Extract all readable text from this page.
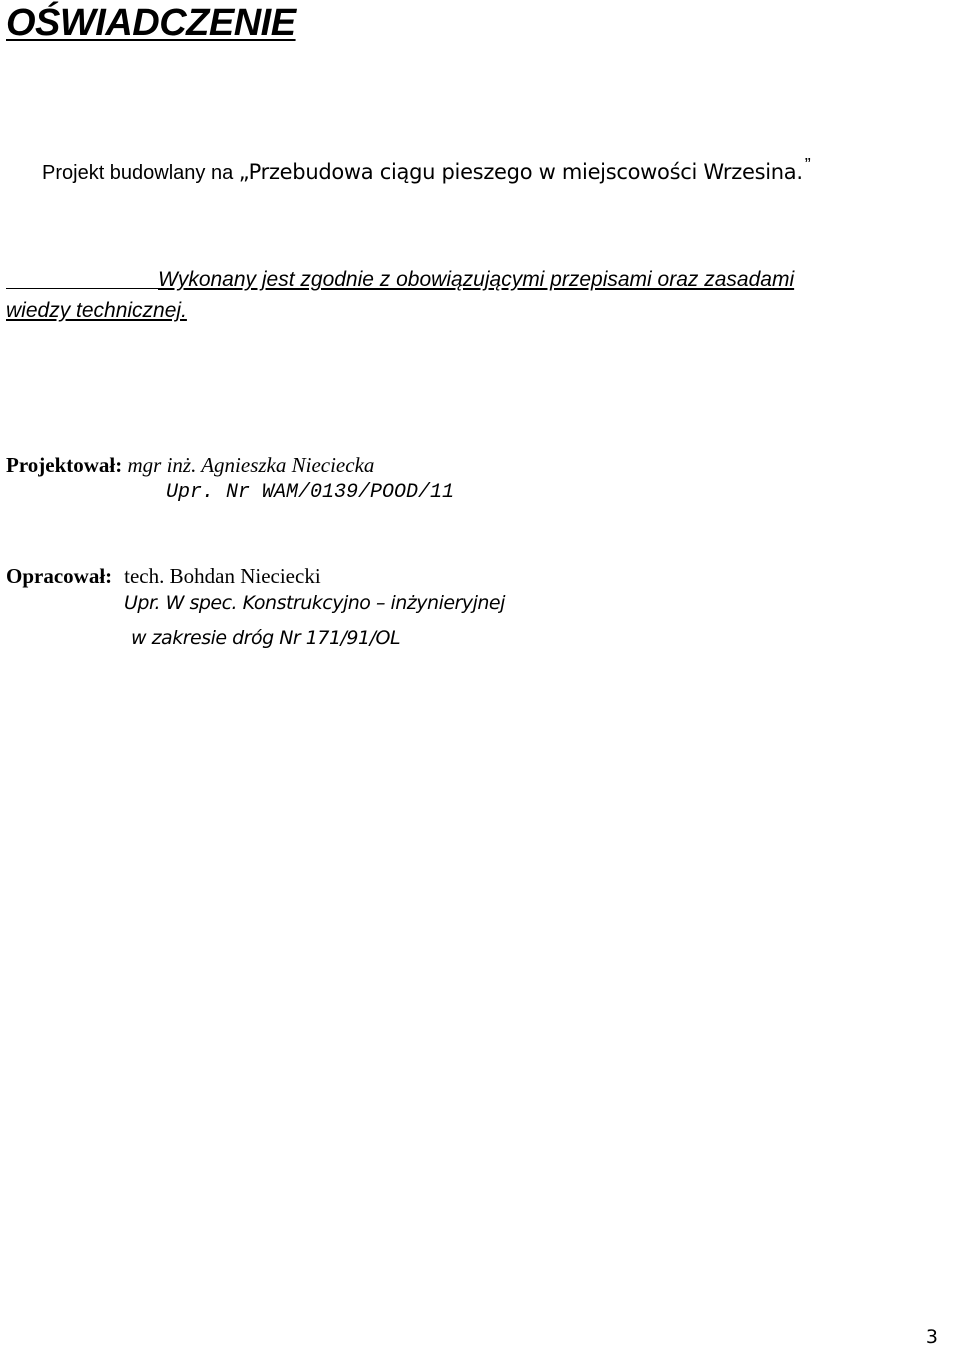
OŚWIADCZENIE
Projekt budowlany na „Przebudowa ciągu pieszego w miejscowości Wrzesina. ”
Wykonany jest zgodnie z obowiązującymi przepisami oraz zasadami
wiedzy technicznej.
Projektował: mgr inż. Agnieszka Nieciecka
Upr. Nr WAM/0139/POOD/11
Opracował: tech. Bohdan Nieciecki
Upr. W spec. Konstrukcyjno – inżynieryjnej
w zakresie dróg Nr 171/91/OL
3
